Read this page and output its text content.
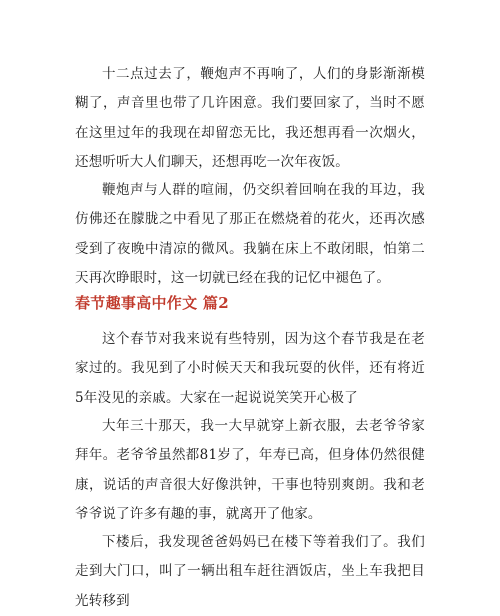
十二点过去了，鞭炮声不再响了，人们的身影渐渐模糊了，声音里也带了几许困意。我们要回家了，当时不愿在这里过年的我现在却留恋无比，我还想再看一次烟火，还想听听大人们聊天，还想再吃一次年夜饭。

鞭炮声与人群的喧闹，仍交织着回响在我的耳边，我仿佛还在朦胧之中看见了那正在燃烧着的花火，还再次感受到了夜晚中清凉的微风。我躺在床上不敢闭眼，怕第二天再次睁眼时，这一切就已经在我的记忆中褪色了。

春节趣事高中作文 篇2

这个春节对我来说有些特别，因为这个春节我是在老家过的。我见到了小时候天天和我玩耍的伙伴，还有将近5年没见的亲戚。大家在一起说说笑笑开心极了

大年三十那天，我一大早就穿上新衣服，去老爷爷家拜年。老爷爷虽然都81岁了，年寿已高，但身体仍然很健康，说话的声音很大好像洪钟，干事也特别爽朗。我和老爷爷说了许多有趣的事，就离开了他家。

下楼后，我发现爸爸妈妈已在楼下等着我们了。我们走到大门口，叫了一辆出租车赶往酒饭店，坐上车我把目光转移到
